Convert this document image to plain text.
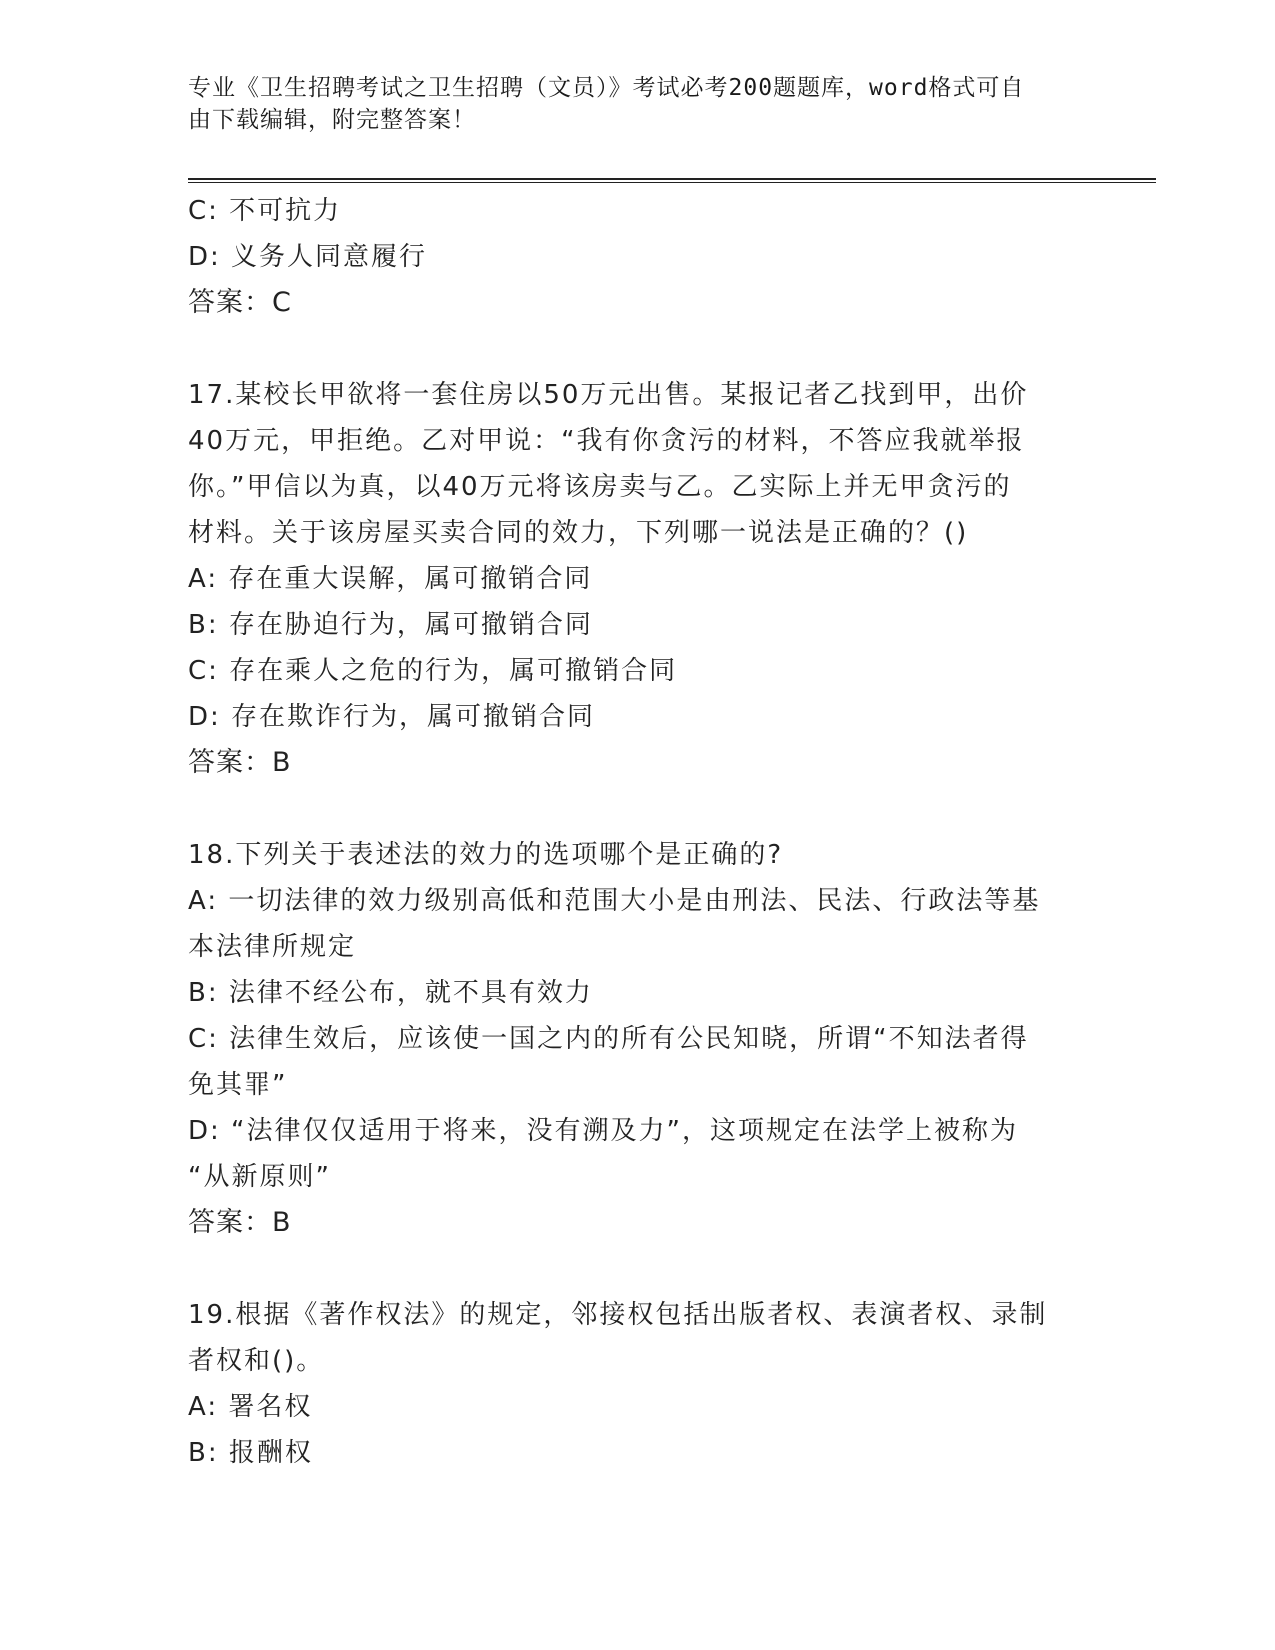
专业《卫生招聘考试之卫生招聘（文员）》考试必考200题题库，word格式可自
由下载编辑，附完整答案！

C: 不可抗力

D: 义务人同意履行

答案：C

17.某校长甲欲将一套住房以50万元出售。某报记者乙找到甲，出价

40万元，甲拒绝。乙对甲说：“我有你贪污的材料，不答应我就举报

你。”甲信以为真，以40万元将该房卖与乙。乙实际上并无甲贪污的

材料。关于该房屋买卖合同的效力，下列哪一说法是正确的？()

A: 存在重大误解，属可撤销合同

B: 存在胁迫行为，属可撤销合同

C: 存在乘人之危的行为，属可撤销合同

D: 存在欺诈行为，属可撤销合同

答案：B

18.下列关于表述法的效力的选项哪个是正确的?

A: 一切法律的效力级别高低和范围大小是由刑法、民法、行政法等基

本法律所规定

B: 法律不经公布，就不具有效力

C: 法律生效后，应该使一国之内的所有公民知晓，所谓“不知法者得

免其罪”

D: “法律仅仅适用于将来，没有溯及力”，这项规定在法学上被称为

“从新原则”

答案：B

19.根据《著作权法》的规定，邻接权包括出版者权、表演者权、录制

者权和()。

A: 署名权

B: 报酬权
